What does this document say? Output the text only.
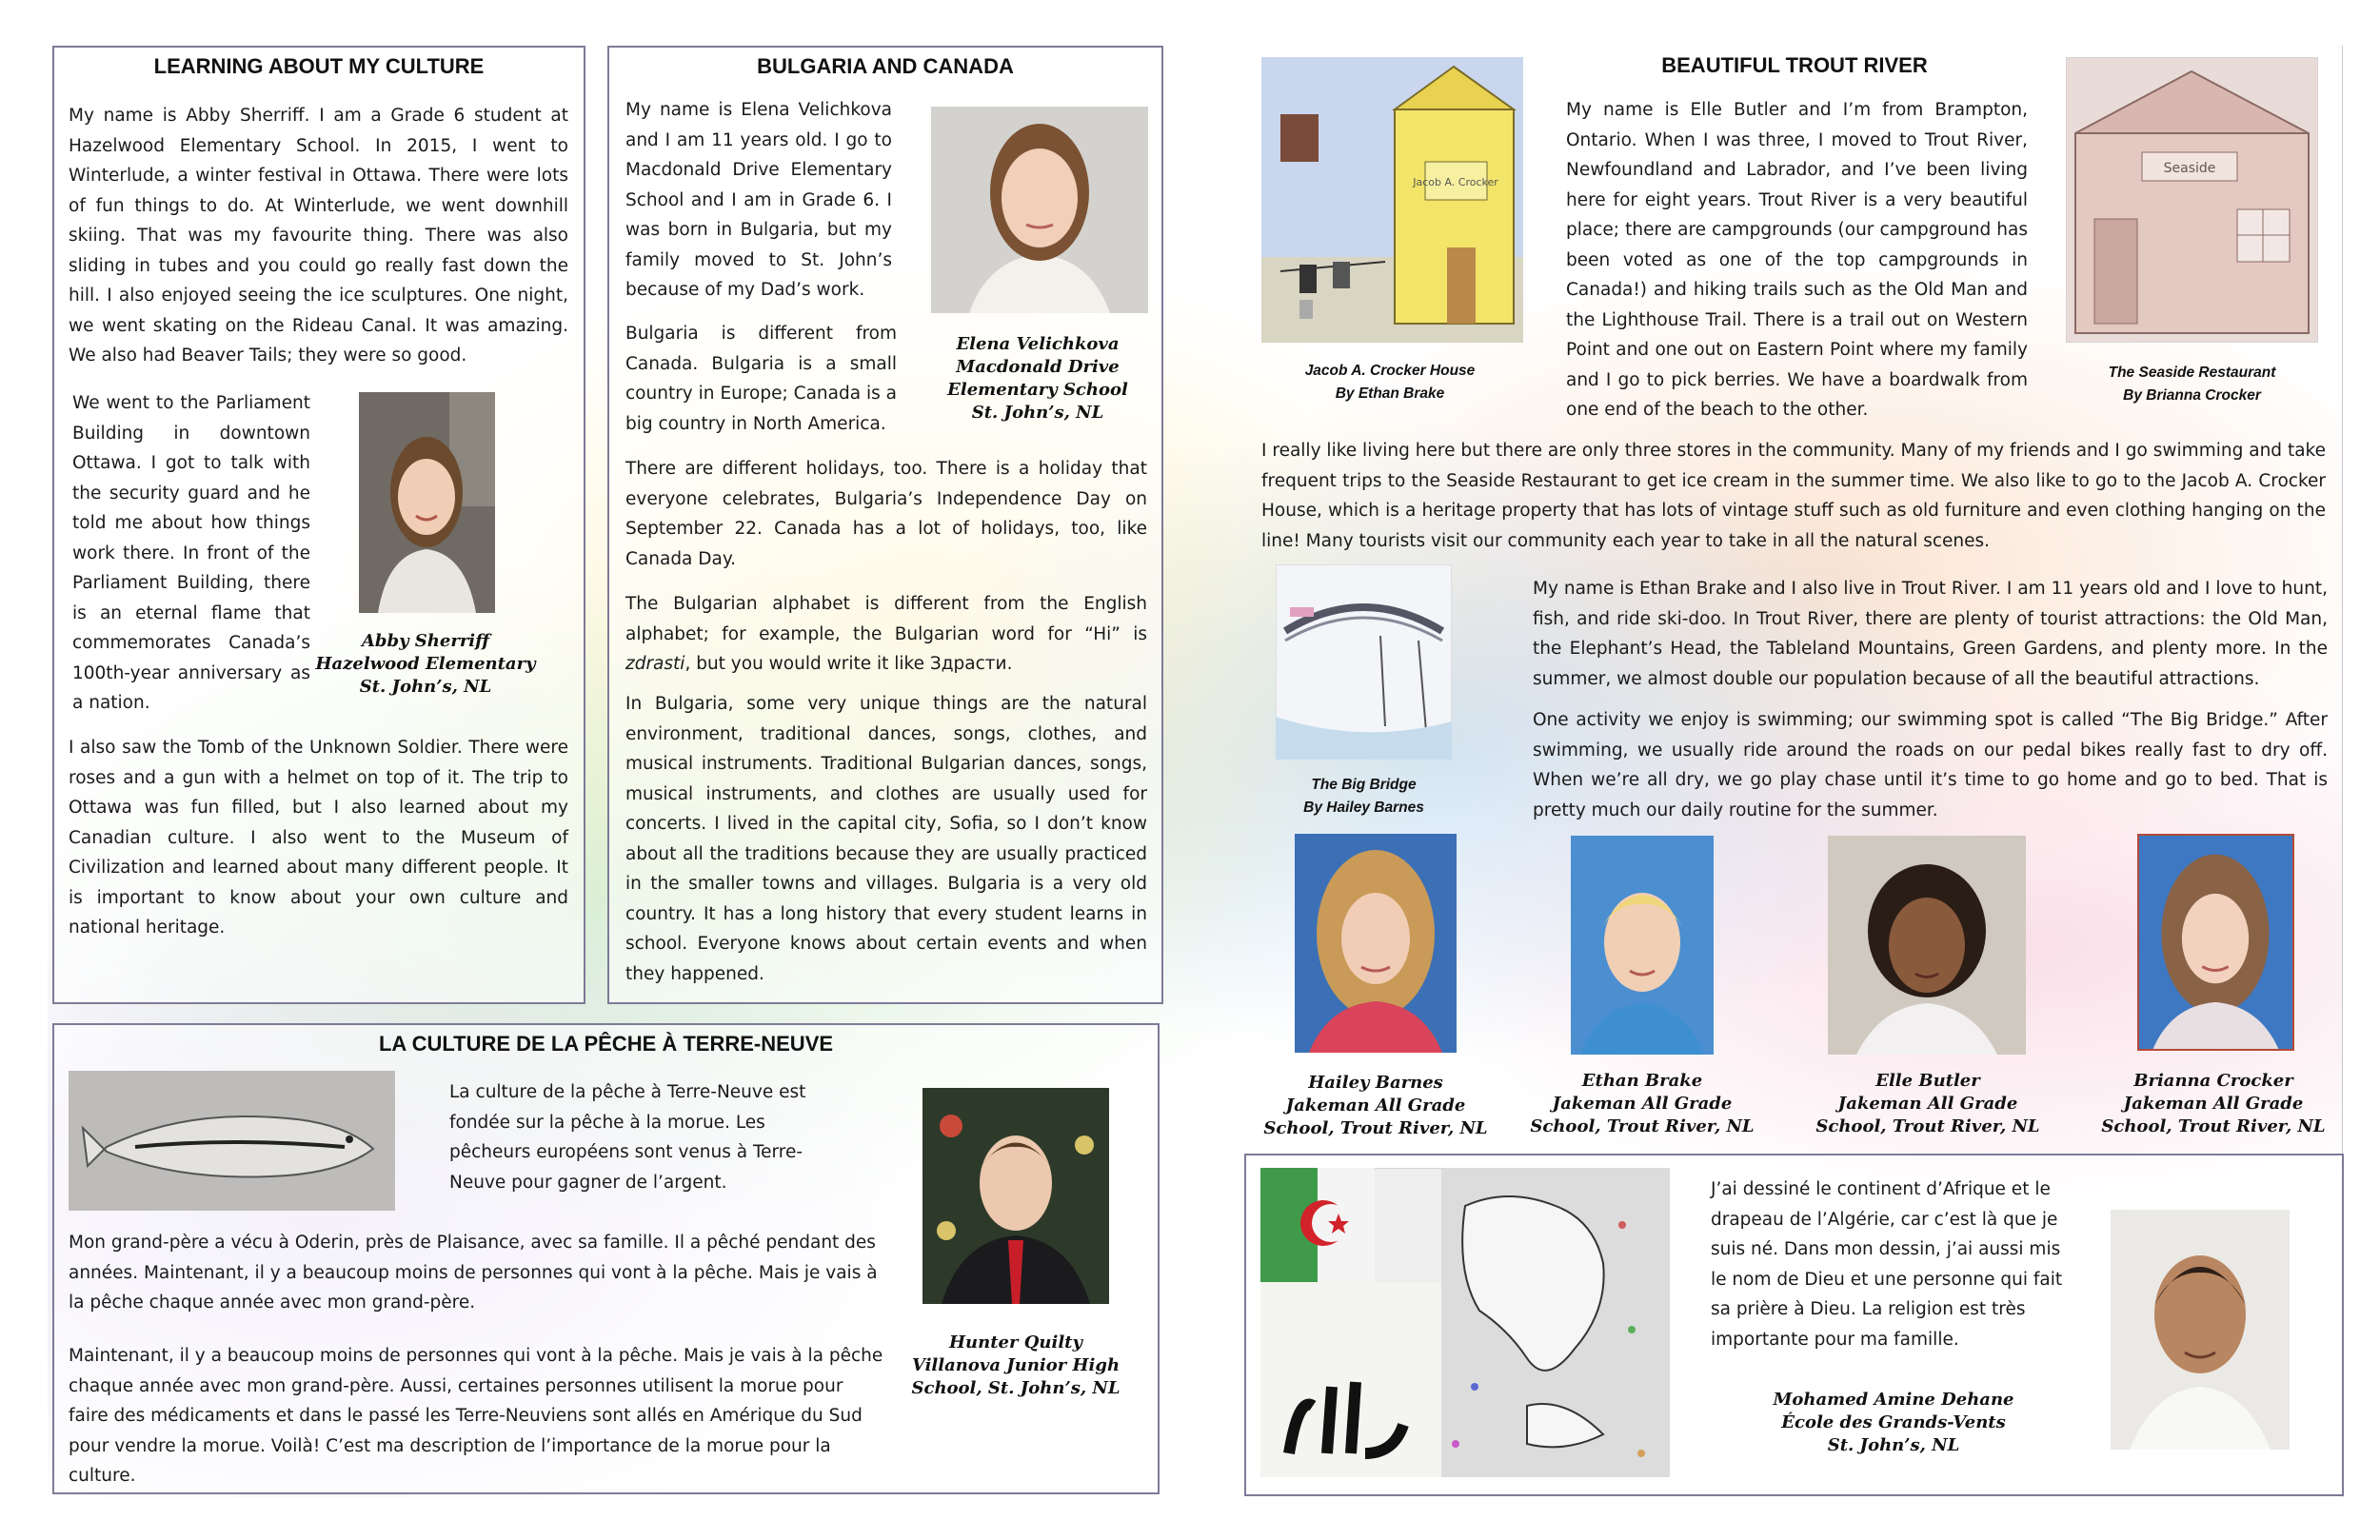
LEARNING ABOUT MY CULTURE

My name is Abby Sherriff. I am a Grade 6 student at Hazelwood Elementary School. In 2015, I went to Winterlude, a winter festival in Ottawa. There were lots of fun things to do. At Winterlude, we went downhill skiing. That was my favourite thing. There was also sliding in tubes and you could go really fast down the hill. I also enjoyed seeing the ice sculptures. One night, we went skating on the Rideau Canal. It was amazing. We also had Beaver Tails; they were so good.

We went to the Parliament Building in downtown Ottawa. I got to talk with the security guard and he told me about how things work there. In front of the Parliament Building, there is an eternal flame that commemorates Canada’s 100th-year anniversary as a nation.

Abby Sherriff
Hazelwood Elementary
St. John’s, NL

I also saw the Tomb of the Unknown Soldier. There were roses and a gun with a helmet on top of it. The trip to Ottawa was fun filled, but I also learned about my Canadian culture. I also went to the Museum of Civilization and learned about many different people. It is important to know about your own culture and national heritage.

BULGARIA AND CANADA

My name is Elena Velichkova and I am 11 years old. I go to Macdonald Drive Elementary School and I am in Grade 6. I was born in Bulgaria, but my family moved to St. John’s because of my Dad’s work.

Elena Velichkova
Macdonald Drive
Elementary School
St. John’s, NL

Bulgaria is different from Canada. Bulgaria is a small country in Europe; Canada is a big country in North America.

There are different holidays, too. There is a holiday that everyone celebrates, Bulgaria’s Independence Day on September 22. Canada has a lot of holidays, too, like Canada Day.

The Bulgarian alphabet is different from the English alphabet; for example, the Bulgarian word for “Hi” is zdrasti, but you would write it like Здрасти.

In Bulgaria, some very unique things are the natural environment, traditional dances, songs, clothes, and musical instruments. Traditional Bulgarian dances, songs, musical instruments, and clothes are usually used for concerts. I lived in the capital city, Sofia, so I don’t know about all the traditions because they are usually practiced in the smaller towns and villages. Bulgaria is a very old country. It has a long history that every student learns in school. Everyone knows about certain events and when they happened.

LA CULTURE DE LA PÊCHE À TERRE-NEUVE

La culture de la pêche à Terre-Neuve est fondée sur la pêche à la morue. Les pêcheurs européens sont venus à Terre-Neuve pour gagner de l’argent.

Hunter Quilty
Villanova Junior High
School, St. John’s, NL

Mon grand-père a vécu à Oderin, près de Plaisance, avec sa famille. Il a pêché pendant des années. Maintenant, il y a beaucoup moins de personnes qui vont à la pêche. Mais je vais à la pêche chaque année avec mon grand-père.

Maintenant, il y a beaucoup moins de personnes qui vont à la pêche. Mais je vais à la pêche chaque année avec mon grand-père. Aussi, certaines personnes utilisent la morue pour faire des médicaments et dans le passé les Terre-Neuviens sont allés en Amérique du Sud pour vendre la morue. Voilà! C’est ma description de l’importance de la morue pour la culture.

BEAUTIFUL TROUT RIVER
Jacob A. Crocker
Jacob A. Crocker House
By Ethan Brake

My name is Elle Butler and I’m from Brampton, Ontario. When I was three, I moved to Trout River, Newfoundland and Labrador, and I’ve been living here for eight years. Trout River is a very beautiful place; there are campgrounds (our campground has been voted as one of the top campgrounds in Canada!) and hiking trails such as the Old Man and the Lighthouse Trail. There is a trail out on Western Point and one out on Eastern Point where my family and I go to pick berries. We have a boardwalk from one end of the beach to the other.

Seaside
The Seaside Restaurant
By Brianna Crocker

I really like living here but there are only three stores in the community. Many of my friends and I go swimming and take frequent trips to the Seaside Restaurant to get ice cream in the summer time. We also like to go to the Jacob A. Crocker House, which is a heritage property that has lots of vintage stuff such as old furniture and even clothing hanging on the line! Many tourists visit our community each year to take in all the natural scenes.

The Big Bridge
By Hailey Barnes

My name is Ethan Brake and I also live in Trout River. I am 11 years old and I love to hunt, fish, and ride ski-doo. In Trout River, there are plenty of tourist attractions: the Old Man, the Elephant’s Head, the Tableland Mountains, Green Gardens, and plenty more. In the summer, we almost double our population because of all the beautiful attractions.

One activity we enjoy is swimming; our swimming spot is called “The Big Bridge.” After swimming, we usually ride around the roads on our pedal bikes really fast to dry off. When we’re all dry, we go play chase until it’s time to go home and go to bed. That is pretty much our daily routine for the summer.

Hailey Barnes
Jakeman All Grade
School, Trout River, NL
Ethan Brake
Jakeman All Grade
School, Trout River, NL
Elle Butler
Jakeman All Grade
School, Trout River, NL
Brianna Crocker
Jakeman All Grade
School, Trout River, NL

J’ai dessiné le continent d’Afrique et le drapeau de l’Algérie, car c’est là que je suis né. Dans mon dessin, j’ai aussi mis le nom de Dieu et une personne qui fait sa prière à Dieu. La religion est très importante pour ma famille.

Mohamed Amine Dehane
École des Grands-Vents
St. John’s, NL
